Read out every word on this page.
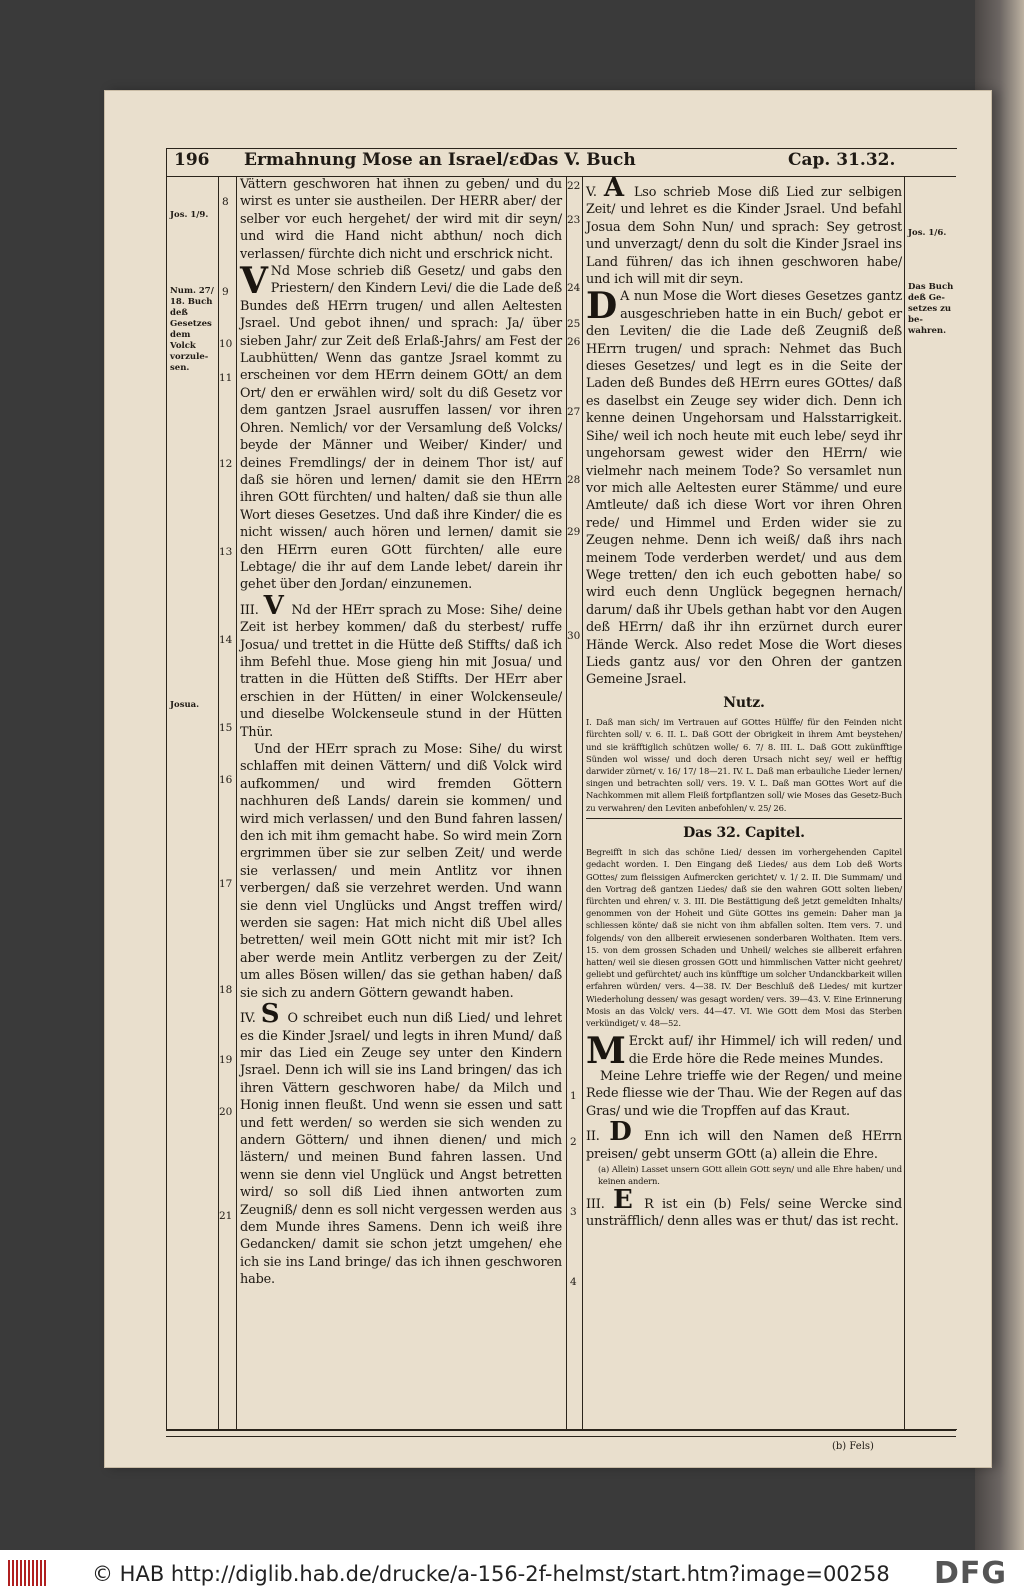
196 Ermahnung Mose an Israel/ɛc.
Das V. Buch	Cap. 31.32.
Jos. 1/9.
Num. 27/ 18. Buch deß Gesetzes dem Volck vorzule- sen.
Josua.
Jos. 1/6.
Das Buch deß Ge- setzes zu be- wahren.
8
9
10
11
12
13
14
15
16
17
18
19
20
21
22
23
24
25
26
27
28
29
30
1
2
3
4

Vättern geschworen hat ihnen zu geben/ und du wirst es unter sie austheilen. Der HERR aber/ der selber vor euch hergehet/ der wird mit dir seyn/ und wird die Hand nicht abthun/ noch dich verlassen/ fürchte dich nicht und erschrick nicht.

V Nd Mose schrieb diß Gesetz/ und gabs den Priestern/ den Kindern Levi/ die die Lade deß Bundes deß HErrn trugen/ und allen Aeltesten Jsrael. Und gebot ihnen/ und sprach: Ja/ über sieben Jahr/ zur Zeit deß Erlaß-Jahrs/ am Fest der Laubhütten/ Wenn das gantze Jsrael kommt zu erscheinen vor dem HErrn deinem GOtt/ an dem Ort/ den er erwählen wird/ solt du diß Gesetz vor dem gantzen Jsrael ausruffen lassen/ vor ihren Ohren. Nemlich/ vor der Versamlung deß Volcks/ beyde der Männer und Weiber/ Kinder/ und deines Fremdlings/ der in deinem Thor ist/ auf daß sie hören und lernen/ damit sie den HErrn ihren GOtt fürchten/ und halten/ daß sie thun alle Wort dieses Gesetzes. Und daß ihre Kinder/ die es nicht wissen/ auch hören und lernen/ damit sie den HErrn euren GOtt fürchten/ alle eure Lebtage/ die ihr auf dem Lande lebet/ darein ihr gehet über den Jordan/ einzunemen.

III. V Nd der HErr sprach zu Mose: Sihe/ deine Zeit ist herbey kommen/ daß du sterbest/ ruffe Josua/ und trettet in die Hütte deß Stiffts/ daß ich ihm Befehl thue. Mose gieng hin mit Josua/ und tratten in die Hütten deß Stiffts. Der HErr aber erschien in der Hütten/ in einer Wolckenseule/ und dieselbe Wolckenseule stund in der Hütten Thür.

Und der HErr sprach zu Mose: Sihe/ du wirst schlaffen mit deinen Vättern/ und diß Volck wird aufkommen/ und wird fremden Göttern nachhuren deß Lands/ darein sie kommen/ und wird mich verlassen/ und den Bund fahren lassen/ den ich mit ihm gemacht habe. So wird mein Zorn ergrimmen über sie zur selben Zeit/ und werde sie verlassen/ und mein Antlitz vor ihnen verbergen/ daß sie verzehret werden. Und wann sie denn viel Unglücks und Angst treffen wird/ werden sie sagen: Hat mich nicht diß Ubel alles betretten/ weil mein GOtt nicht mit mir ist? Ich aber werde mein Antlitz verbergen zu der Zeit/ um alles Bösen willen/ das sie gethan haben/ daß sie sich zu andern Göttern gewandt haben.

IV. S O schreibet euch nun diß Lied/ und lehret es die Kinder Jsrael/ und legts in ihren Mund/ daß mir das Lied ein Zeuge sey unter den Kindern Jsrael. Denn ich will sie ins Land bringen/ das ich ihren Vättern geschworen habe/ da Milch und Honig innen fleußt. Und wenn sie essen und satt und fett werden/ so werden sie sich wenden zu andern Göttern/ und ihnen dienen/ und mich lästern/ und meinen Bund fahren lassen. Und wenn sie denn viel Unglück und Angst betretten wird/ so soll diß Lied ihnen antworten zum Zeugniß/ denn es soll nicht vergessen werden aus dem Munde ihres Samens. Denn ich weiß ihre Gedancken/ damit sie schon jetzt umgehen/ ehe ich sie ins Land bringe/ das ich ihnen geschworen habe.

V. A Lso schrieb Mose diß Lied zur selbigen Zeit/ und lehret es die Kinder Jsrael. Und befahl Josua dem Sohn Nun/ und sprach: Sey getrost und unverzagt/ denn du solt die Kinder Jsrael ins Land führen/ das ich ihnen geschworen habe/ und ich will mit dir seyn.

D A nun Mose die Wort dieses Gesetzes gantz ausgeschrieben hatte in ein Buch/ gebot er den Leviten/ die die Lade deß Zeugniß deß HErrn trugen/ und sprach: Nehmet das Buch dieses Gesetzes/ und legt es in die Seite der Laden deß Bundes deß HErrn eures GOttes/ daß es daselbst ein Zeuge sey wider dich. Denn ich kenne deinen Ungehorsam und Halsstarrigkeit. Sihe/ weil ich noch heute mit euch lebe/ seyd ihr ungehorsam gewest wider den HErrn/ wie vielmehr nach meinem Tode? So versamlet nun vor mich alle Aeltesten eurer Stämme/ und eure Amtleute/ daß ich diese Wort vor ihren Ohren rede/ und Himmel und Erden wider sie zu Zeugen nehme. Denn ich weiß/ daß ihrs nach meinem Tode verderben werdet/ und aus dem Wege tretten/ den ich euch gebotten habe/ so wird euch denn Unglück begegnen hernach/ darum/ daß ihr Ubels gethan habt vor den Augen deß HErrn/ daß ihr ihn erzürnet durch eurer Hände Werck. Also redet Mose die Wort dieses Lieds gantz aus/ vor den Ohren der gantzen Gemeine Jsrael.

Nutz.
I. Daß man sich/ im Vertrauen auf GOttes Hülffe/ für den Feinden nicht fürchten soll/ v. 6. II. L. Daß GOtt der Obrigkeit in ihrem Amt beystehen/ und sie kräfftiglich schützen wolle/ 6. 7/ 8. III. L. Daß GOtt zukünfftige Sünden wol wisse/ und doch deren Ursach nicht sey/ weil er hefftig darwider zürnet/ v. 16/ 17/ 18—21. IV. L. Daß man erbauliche Lieder lernen/ singen und betrachten soll/ vers. 19. V. L. Daß man GOttes Wort auf die Nachkommen mit allem Fleiß fortpflantzen soll/ wie Moses das Gesetz-Buch zu verwahren/ den Leviten anbefohlen/ v. 25/ 26.
Das 32. Capitel.
Begreifft in sich das schöne Lied/ dessen im vorhergehenden Capitel gedacht worden. I. Den Eingang deß Liedes/ aus dem Lob deß Worts GOttes/ zum fleissigen Aufmercken gerichtet/ v. 1/ 2. II. Die Summam/ und den Vortrag deß gantzen Liedes/ daß sie den wahren GOtt solten lieben/ fürchten und ehren/ v. 3. III. Die Bestättigung deß jetzt gemeldten Inhalts/ genommen von der Hoheit und Güte GOttes ins gemein: Daher man ja schliessen könte/ daß sie nicht von ihm abfallen solten. Item vers. 7. und folgends/ von den allbereit erwiesenen sonderbaren Wolthaten. Item vers. 15. von dem grossen Schaden und Unheil/ welches sie allbereit erfahren hatten/ weil sie diesen grossen GOtt und himmlischen Vatter nicht geehret/ geliebt und gefürchtet/ auch ins künfftige um solcher Undanckbarkeit willen erfahren würden/ vers. 4—38. IV. Der Beschluß deß Liedes/ mit kurtzer Wiederholung dessen/ was gesagt worden/ vers. 39—43. V. Eine Erinnerung Mosis an das Volck/ vers. 44—47. VI. Wie GOtt dem Mosi das Sterben verkündiget/ v. 48—52.

M Erckt auf/ ihr Himmel/ ich will reden/ und die Erde höre die Rede meines Mundes.

Meine Lehre trieffe wie der Regen/ und meine Rede fliesse wie der Thau. Wie der Regen auf das Gras/ und wie die Tropffen auf das Kraut.

II. D Enn ich will den Namen deß HErrn preisen/ gebt unserm GOtt (a) allein die Ehre.

(a) Allein) Lasset unsern GOtt allein GOtt seyn/ und alle Ehre haben/ und keinen andern.

III. E R ist ein (b) Fels/ seine Wercke sind unsträfflich/ denn alles was er thut/ das ist recht.

(b) Fels)
© HAB http://diglib.hab.de/drucke/a-156-2f-helmst/start.htm?image=00258 DFG
